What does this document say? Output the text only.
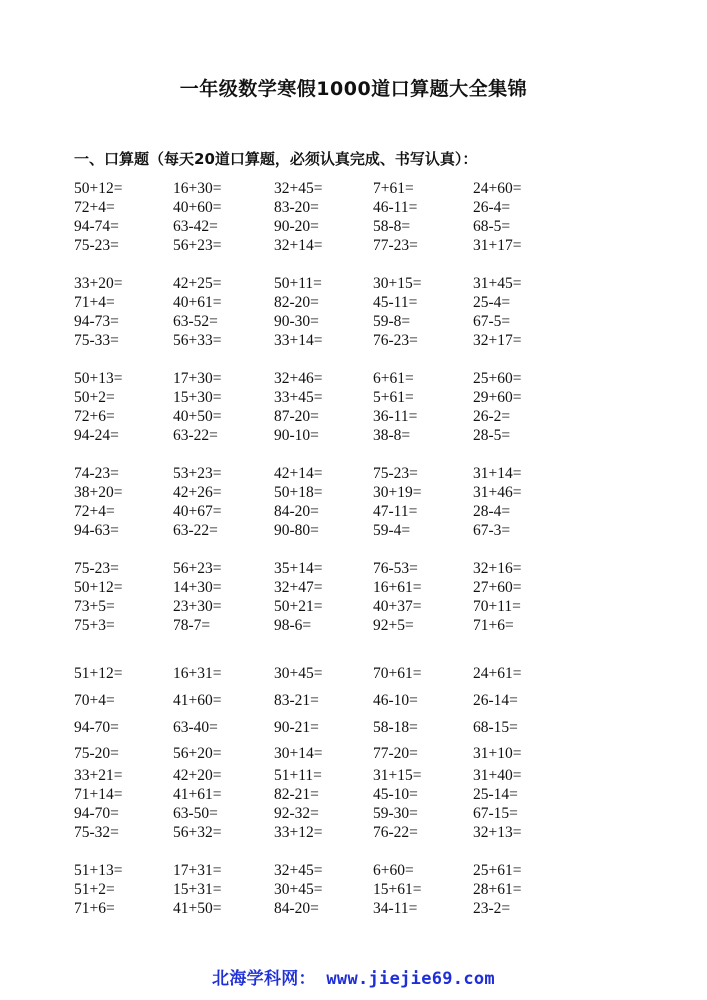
一年级数学寒假1000道口算题大全集锦
一、口算题（每天20道口算题，必须认真完成、书写认真）：
50+12=	16+30=	32+45=	7+61=	24+60=
72+4=	40+60=	83-20=	46-11=	26-4=
94-74=	63-42=	90-20=	58-8=	68-5=
75-23=	56+23=	32+14=	77-23=	31+17=
33+20=	42+25=	50+11=	30+15=	31+45=
71+4=	40+61=	82-20=	45-11=	25-4=
94-73=	63-52=	90-30=	59-8=	67-5=
75-33=	56+33=	33+14=	76-23=	32+17=
50+13=	17+30=	32+46=	6+61=	25+60=
50+2=	15+30=	33+45=	5+61=	29+60=
72+6=	40+50=	87-20=	36-11=	26-2=
94-24=	63-22=	90-10=	38-8=	28-5=
74-23=	53+23=	42+14=	75-23=	31+14=
38+20=	42+26=	50+18=	30+19=	31+46=
72+4=	40+67=	84-20=	47-11=	28-4=
94-63=	63-22=	90-80=	59-4=	67-3=
75-23=	56+23=	35+14=	76-53=	32+16=
50+12=	14+30=	32+47=	16+61=	27+60=
73+5=	23+30=	50+21=	40+37=	70+11=
75+3=	78-7=	98-6=	92+5=	71+6=
51+12=	16+31=	30+45=	70+61=	24+61=
70+4=	41+60=	83-21=	46-10=	26-14=
94-70=	63-40=	90-21=	58-18=	68-15=
75-20=	56+20=	30+14=	77-20=	31+10=
33+21=	42+20=	51+11=	31+15=	31+40=
71+14=	41+61=	82-21=	45-10=	25-14=
94-70=	63-50=	92-32=	59-30=	67-15=
75-32=	56+32=	33+12=	76-22=	32+13=
51+13=	17+31=	32+45=	6+60=	25+61=
51+2=	15+31=	30+45=	15+61=	28+61=
71+6=	41+50=	84-20=	34-11=	23-2=
北海学科网： www.jiejie69.com
